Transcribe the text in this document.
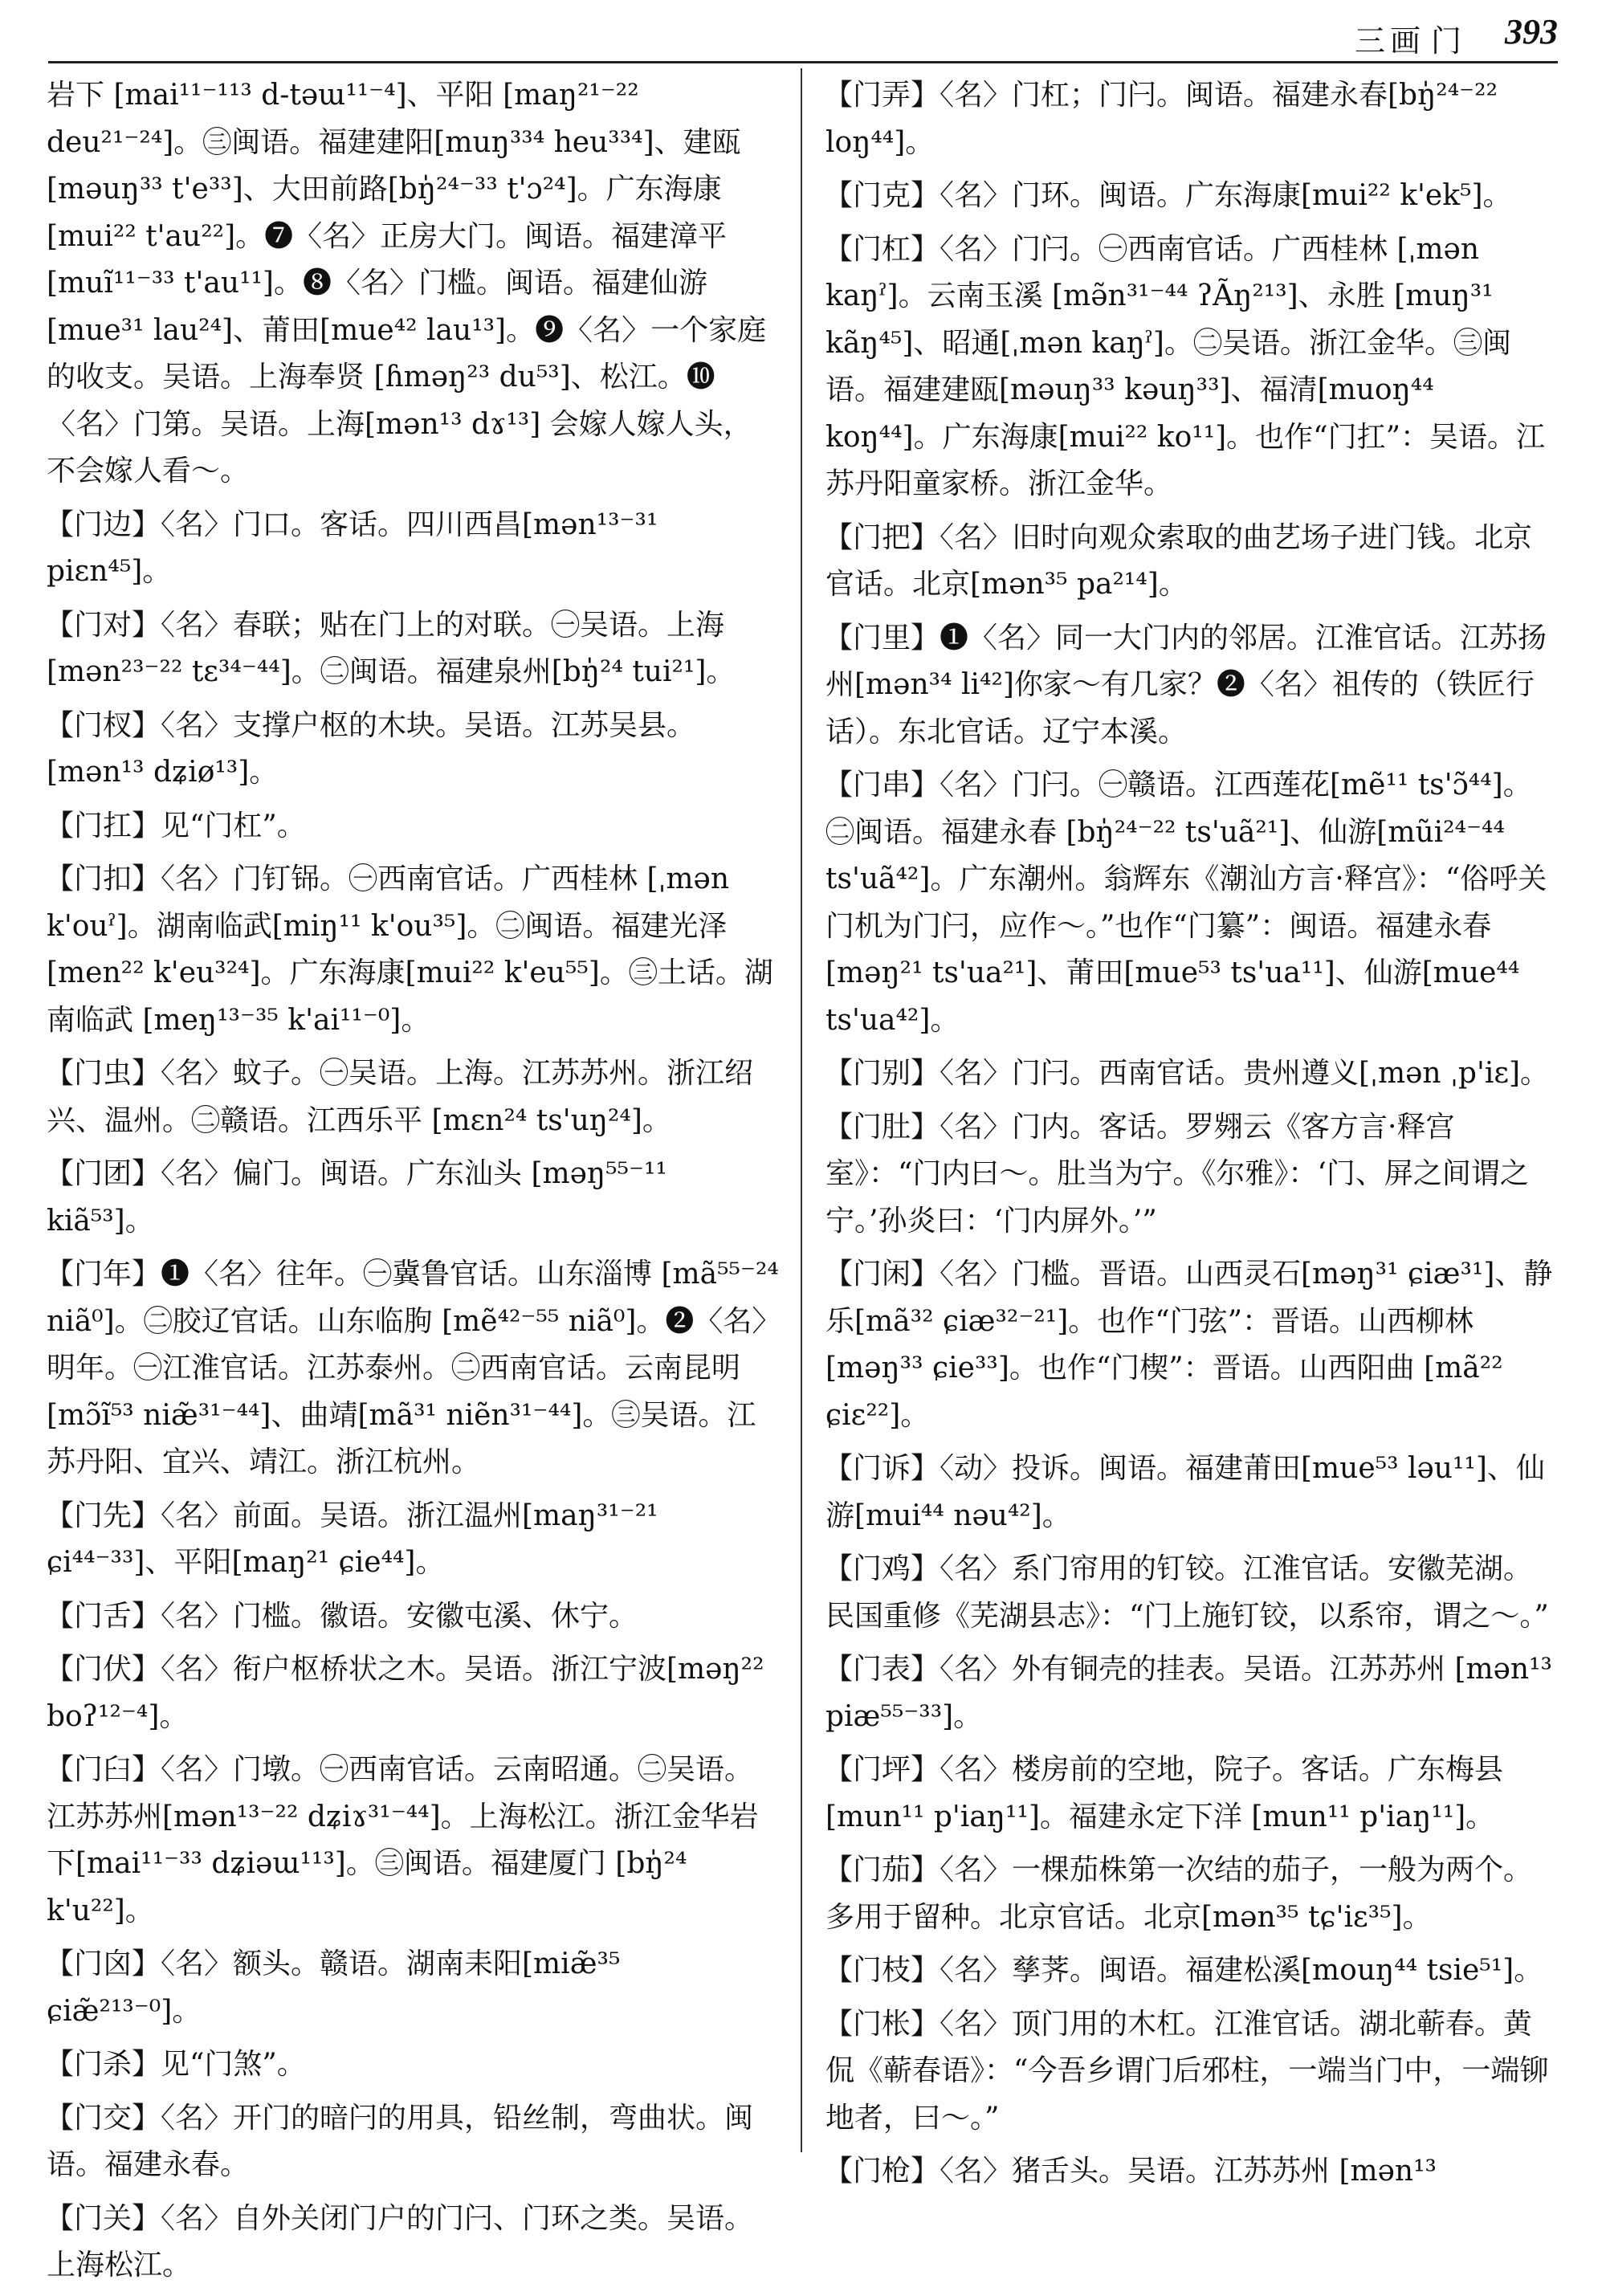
三画 门 393

岩下 [mai¹¹⁻¹¹³ d-təɯ¹¹⁻⁴]、平阳 [maŋ²¹⁻²² deu²¹⁻²⁴]。㊂闽语。福建建阳[muŋ³³⁴ heu³³⁴]、建瓯[məuŋ³³ t'e³³]、大田前路[bŋ̍²⁴⁻³³ t'ɔ²⁴]。广东海康[mui²² t'au²²]。❼〈名〉正房大门。闽语。福建漳平[muĩ¹¹⁻³³ t'au¹¹]。❽〈名〉门槛。闽语。福建仙游[mue³¹ lau²⁴]、莆田[mue⁴² lau¹³]。❾〈名〉一个家庭的收支。吴语。上海奉贤 [ɦməŋ²³ du⁵³]、松江。❿〈名〉门第。吴语。上海[mən¹³ dɤ¹³] 会嫁人嫁人头，不会嫁人看～。

【门边】〈名〉门口。客话。四川西昌[mən¹³⁻³¹ piɛn⁴⁵]。

【门对】〈名〉春联；贴在门上的对联。㊀吴语。上海[mən²³⁻²² tɛ³⁴⁻⁴⁴]。㊁闽语。福建泉州[bŋ̍²⁴ tui²¹]。

【门杈】〈名〉支撑户枢的木块。吴语。江苏吴县。[mən¹³ dʑiø¹³]。

【门扛】见“门杠”。

【门扣】〈名〉门钉铞。㊀西南官话。广西桂林 [ˌmən k'ouˀ]。湖南临武[miŋ¹¹ k'ou³⁵]。㊁闽语。福建光泽[men²² k'eu³²⁴]。广东海康[mui²² k'eu⁵⁵]。㊂土话。湖南临武 [meŋ¹³⁻³⁵ k'ai¹¹⁻⁰]。

【门虫】〈名〉蚊子。㊀吴语。上海。江苏苏州。浙江绍兴、温州。㊁赣语。江西乐平 [mɛn²⁴ ts'uŋ²⁴]。

【门团】〈名〉偏门。闽语。广东汕头 [məŋ⁵⁵⁻¹¹ kiã⁵³]。

【门年】❶〈名〉往年。㊀冀鲁官话。山东淄博 [mã⁵⁵⁻²⁴ niã⁰]。㊁胶辽官话。山东临朐 [mẽ⁴²⁻⁵⁵ niã⁰]。❷〈名〉明年。㊀江淮官话。江苏泰州。㊁西南官话。云南昆明[mɔ̃ĩ⁵³ niæ̃³¹⁻⁴⁴]、曲靖[mã³¹ niẽn³¹⁻⁴⁴]。㊂吴语。江苏丹阳、宜兴、靖江。浙江杭州。

【门先】〈名〉前面。吴语。浙江温州[maŋ³¹⁻²¹ ɕi⁴⁴⁻³³]、平阳[maŋ²¹ ɕie⁴⁴]。

【门舌】〈名〉门槛。徽语。安徽屯溪、休宁。

【门伏】〈名〉衔户枢桥状之木。吴语。浙江宁波[məŋ²² boʔ¹²⁻⁴]。

【门臼】〈名〉门墩。㊀西南官话。云南昭通。㊁吴语。江苏苏州[mən¹³⁻²² dʑiɤ³¹⁻⁴⁴]。上海松江。浙江金华岩下[mai¹¹⁻³³ dʑiəɯ¹¹³]。㊂闽语。福建厦门 [bŋ̍²⁴ k'u²²]。

【门囟】〈名〉额头。赣语。湖南耒阳[miæ̃³⁵ ɕiæ̃²¹³⁻⁰]。

【门杀】见“门煞”。

【门交】〈名〉开门的暗闩的用具，铅丝制，弯曲状。闽语。福建永春。

【门关】〈名〉自外关闭门户的门闩、门环之类。吴语。上海松江。

【门弄】〈名〉门杠；门闩。闽语。福建永春[bŋ̍²⁴⁻²² loŋ⁴⁴]。

【门克】〈名〉门环。闽语。广东海康[mui²² k'ek⁵]。

【门杠】〈名〉门闩。㊀西南官话。广西桂林 [ˌmən kaŋˀ]。云南玉溪 [mə̃n³¹⁻⁴⁴ ʔÃŋ²¹³]、永胜 [muŋ³¹ kãŋ⁴⁵]、昭通[ˌmən kaŋˀ]。㊁吴语。浙江金华。㊂闽语。福建建瓯[məuŋ³³ kəuŋ³³]、福清[muoŋ⁴⁴ koŋ⁴⁴]。广东海康[mui²² ko¹¹]。也作“门扛”：吴语。江苏丹阳童家桥。浙江金华。

【门把】〈名〉旧时向观众索取的曲艺场子进门钱。北京官话。北京[mən³⁵ pa²¹⁴]。

【门里】❶〈名〉同一大门内的邻居。江淮官话。江苏扬州[mən³⁴ li⁴²]你家～有几家？❷〈名〉祖传的（铁匠行话）。东北官话。辽宁本溪。

【门串】〈名〉门闩。㊀赣语。江西莲花[mẽ¹¹ ts'ɔ̃⁴⁴]。㊁闽语。福建永春 [bŋ̍²⁴⁻²² ts'uã²¹]、仙游[mũi²⁴⁻⁴⁴ ts'uã⁴²]。广东潮州。翁辉东《潮汕方言·释宫》：“俗呼关门机为门闩，应作～。”也作“门纂”：闽语。福建永春 [məŋ²¹ ts'ua²¹]、莆田[mue⁵³ ts'ua¹¹]、仙游[mue⁴⁴ ts'ua⁴²]。

【门别】〈名〉门闩。西南官话。贵州遵义[ˌmən ˌp'iɛ]。

【门肚】〈名〉门内。客话。罗翙云《客方言·释宫室》：“门内曰～。肚当为宁。《尔雅》：‘门、屏之间谓之宁。’孙炎曰：‘门内屏外。’”

【门闲】〈名〉门槛。晋语。山西灵石[məŋ³¹ ɕiæ³¹]、静乐[mã³² ɕiæ³²⁻²¹]。也作“门弦”：晋语。山西柳林[məŋ³³ ɕie³³]。也作“门楔”：晋语。山西阳曲 [mã²² ɕiɛ²²]。

【门诉】〈动〉投诉。闽语。福建莆田[mue⁵³ ləu¹¹]、仙游[mui⁴⁴ nəu⁴²]。

【门鸡】〈名〉系门帘用的钉铰。江淮官话。安徽芜湖。民国重修《芜湖县志》：“门上施钉铰，以系帘，谓之～。”

【门表】〈名〉外有铜壳的挂表。吴语。江苏苏州 [mən¹³ piæ⁵⁵⁻³³]。

【门坪】〈名〉楼房前的空地，院子。客话。广东梅县[mun¹¹ p'iaŋ¹¹]。福建永定下洋 [mun¹¹ p'iaŋ¹¹]。

【门茄】〈名〉一棵茄株第一次结的茄子，一般为两个。多用于留种。北京官话。北京[mən³⁵ tɕ'iɛ³⁵]。

【门枝】〈名〉孳荠。闽语。福建松溪[mouŋ⁴⁴ tsie⁵¹]。

【门枨】〈名〉顶门用的木杠。江淮官话。湖北蕲春。黄侃《蕲春语》：“今吾乡谓门后邪柱，一端当门中，一端铆地者，曰～。”

【门枪】〈名〉猪舌头。吴语。江苏苏州 [mən¹³
